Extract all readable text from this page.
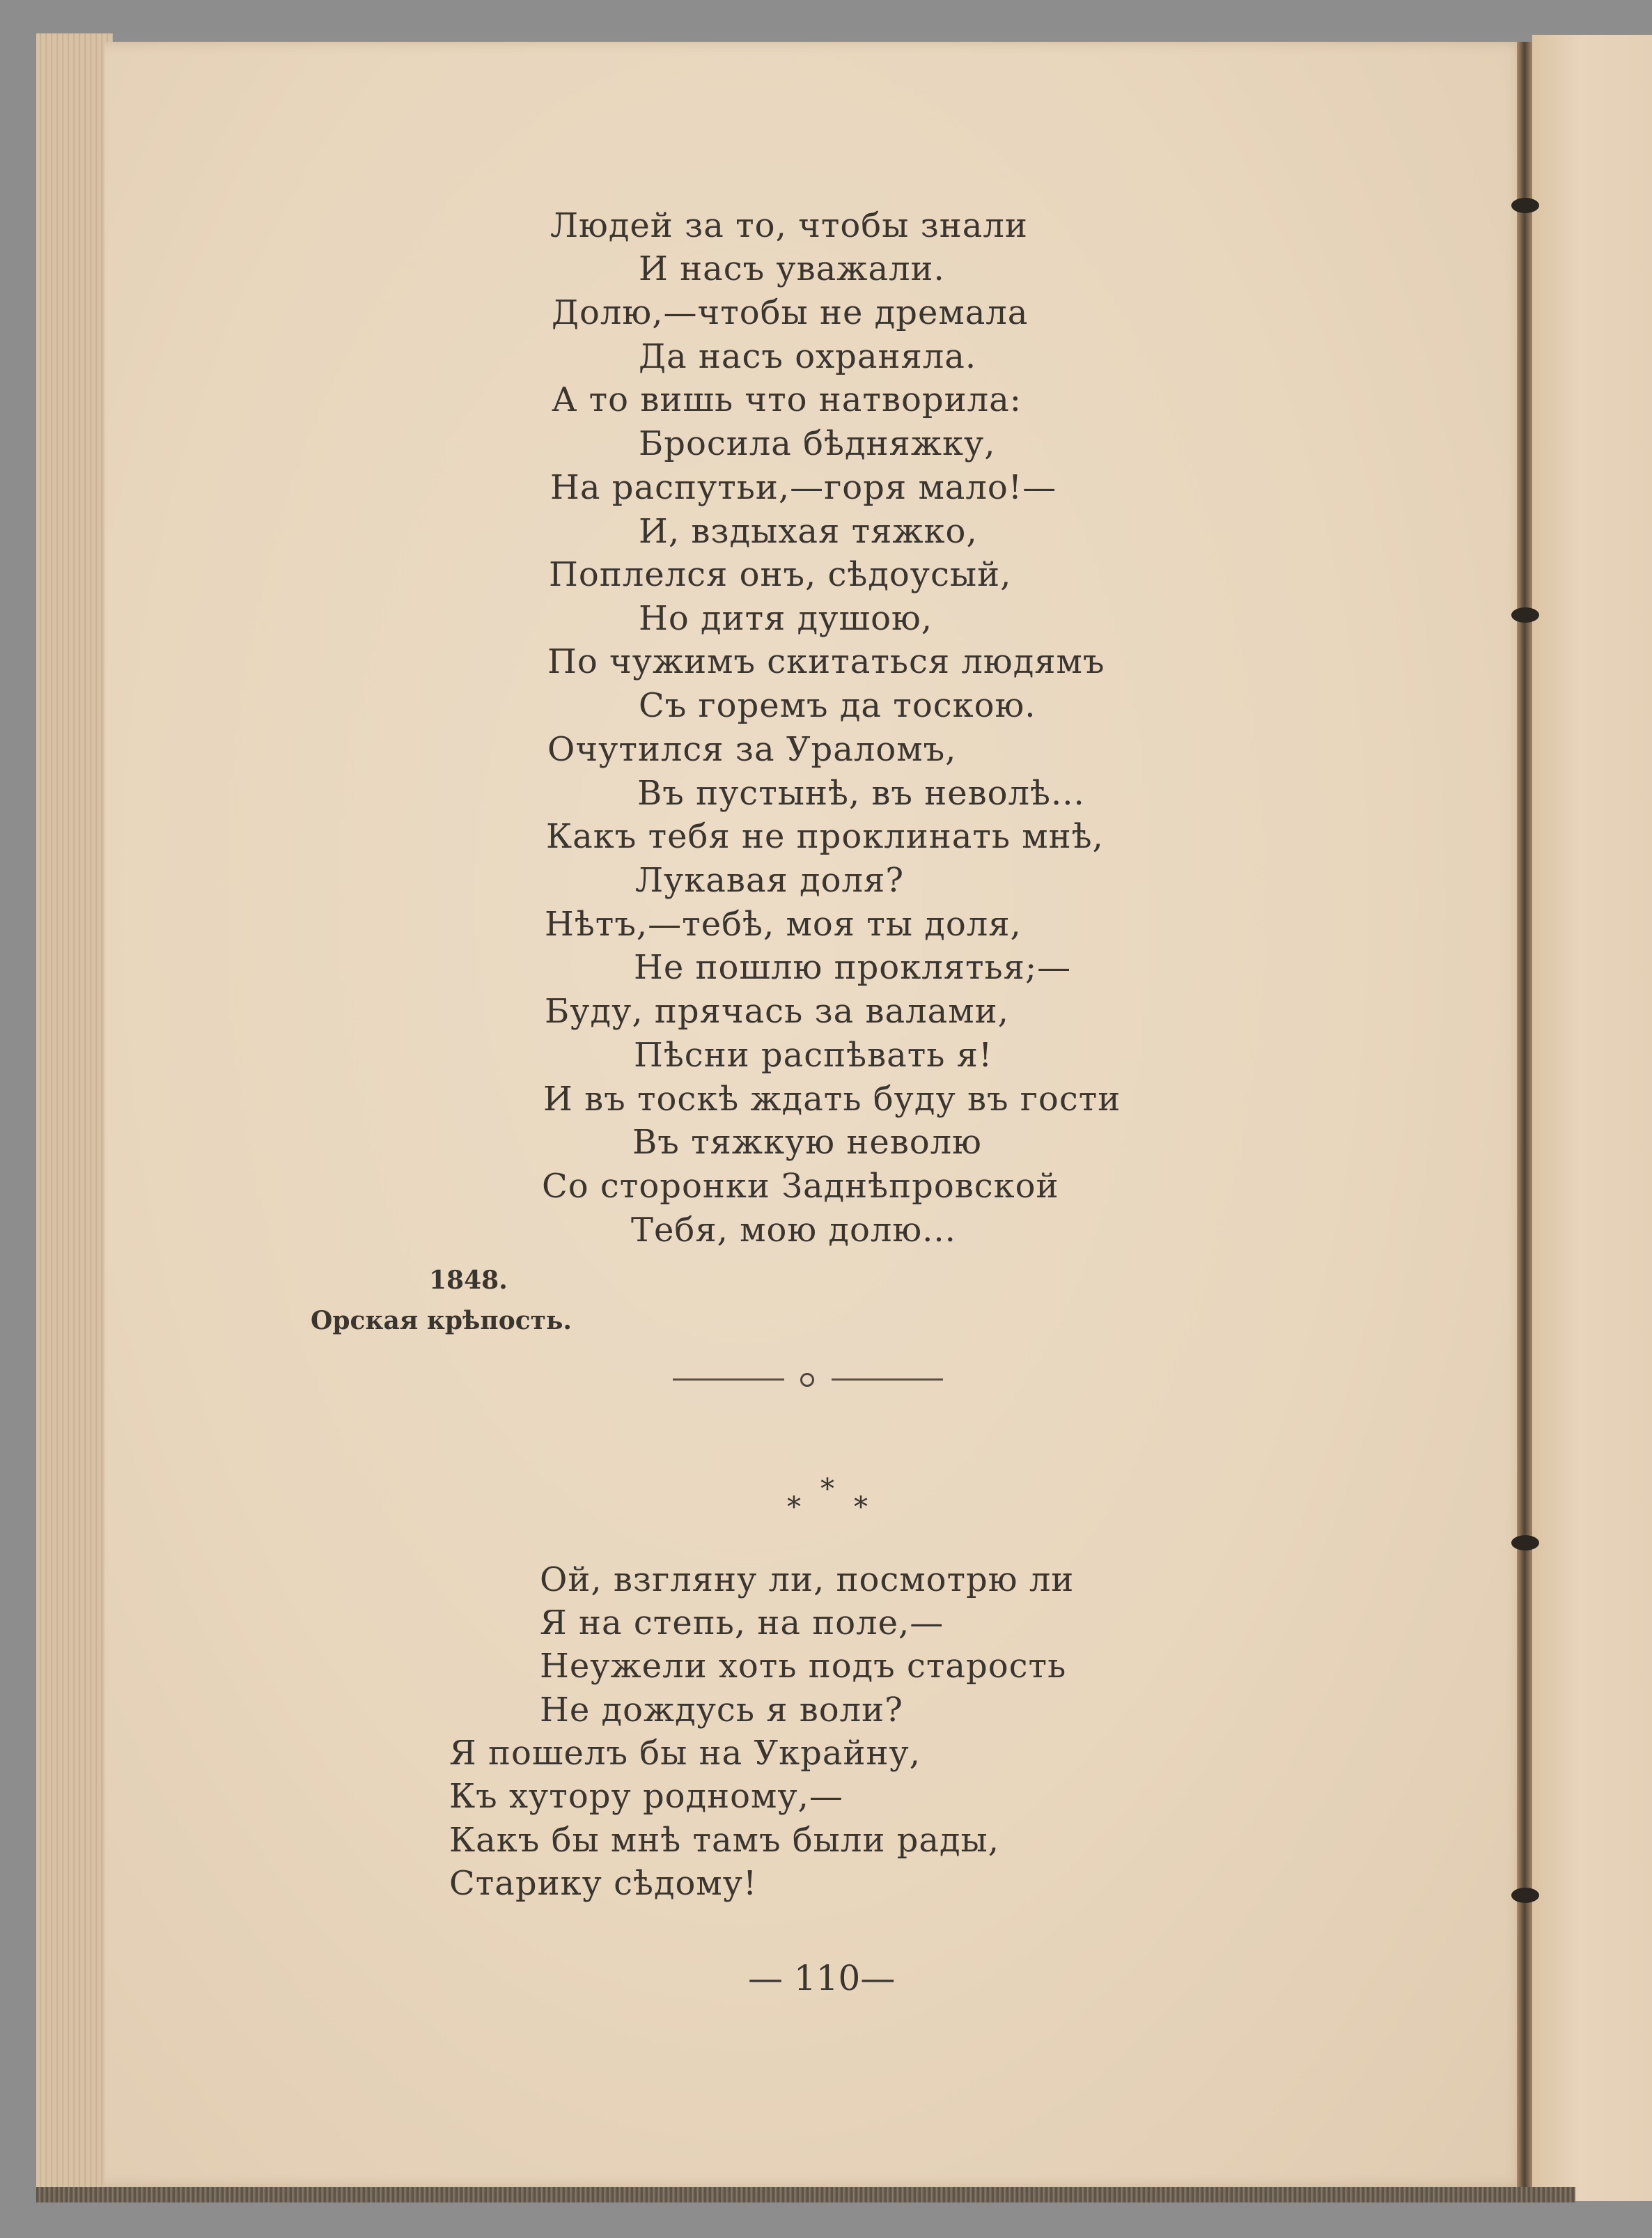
Людей за то, чтобы знали
И насъ уважали.
Долю,—чтобы не дремала
Да насъ охраняла.
А то вишь что натворила:
Бросила бѣдняжку,
На распутьи,—горя мало!—
И, вздыхая тяжко,
Поплелся онъ, сѣдоусый,
Но дитя душою,
По чужимъ скитаться людямъ
Съ горемъ да тоскою.
Очутился за Ураломъ,
Въ пустынѣ, въ неволѣ...
Какъ тебя не проклинать мнѣ,
Лукавая доля?
Нѣтъ,—тебѣ, моя ты доля,
Не пошлю проклятья;—
Буду, прячась за валами,
Пѣсни распѣвать я!
И въ тоскѣ ждать буду въ гости
Въ тяжкую неволю
Со сторонки Заднѣпровской
Тебя, мою долю...
1848.
Орская крѣпость.
*
*
*
Ой, взгляну ли, посмотрю ли
Я на степь, на поле,—
Неужели хоть подъ старость
Не дождусь я воли?
Я пошелъ бы на Украйну,
Къ хутору родному,—
Какъ бы мнѣ тамъ были рады,
Старику сѣдому!
— 110—
